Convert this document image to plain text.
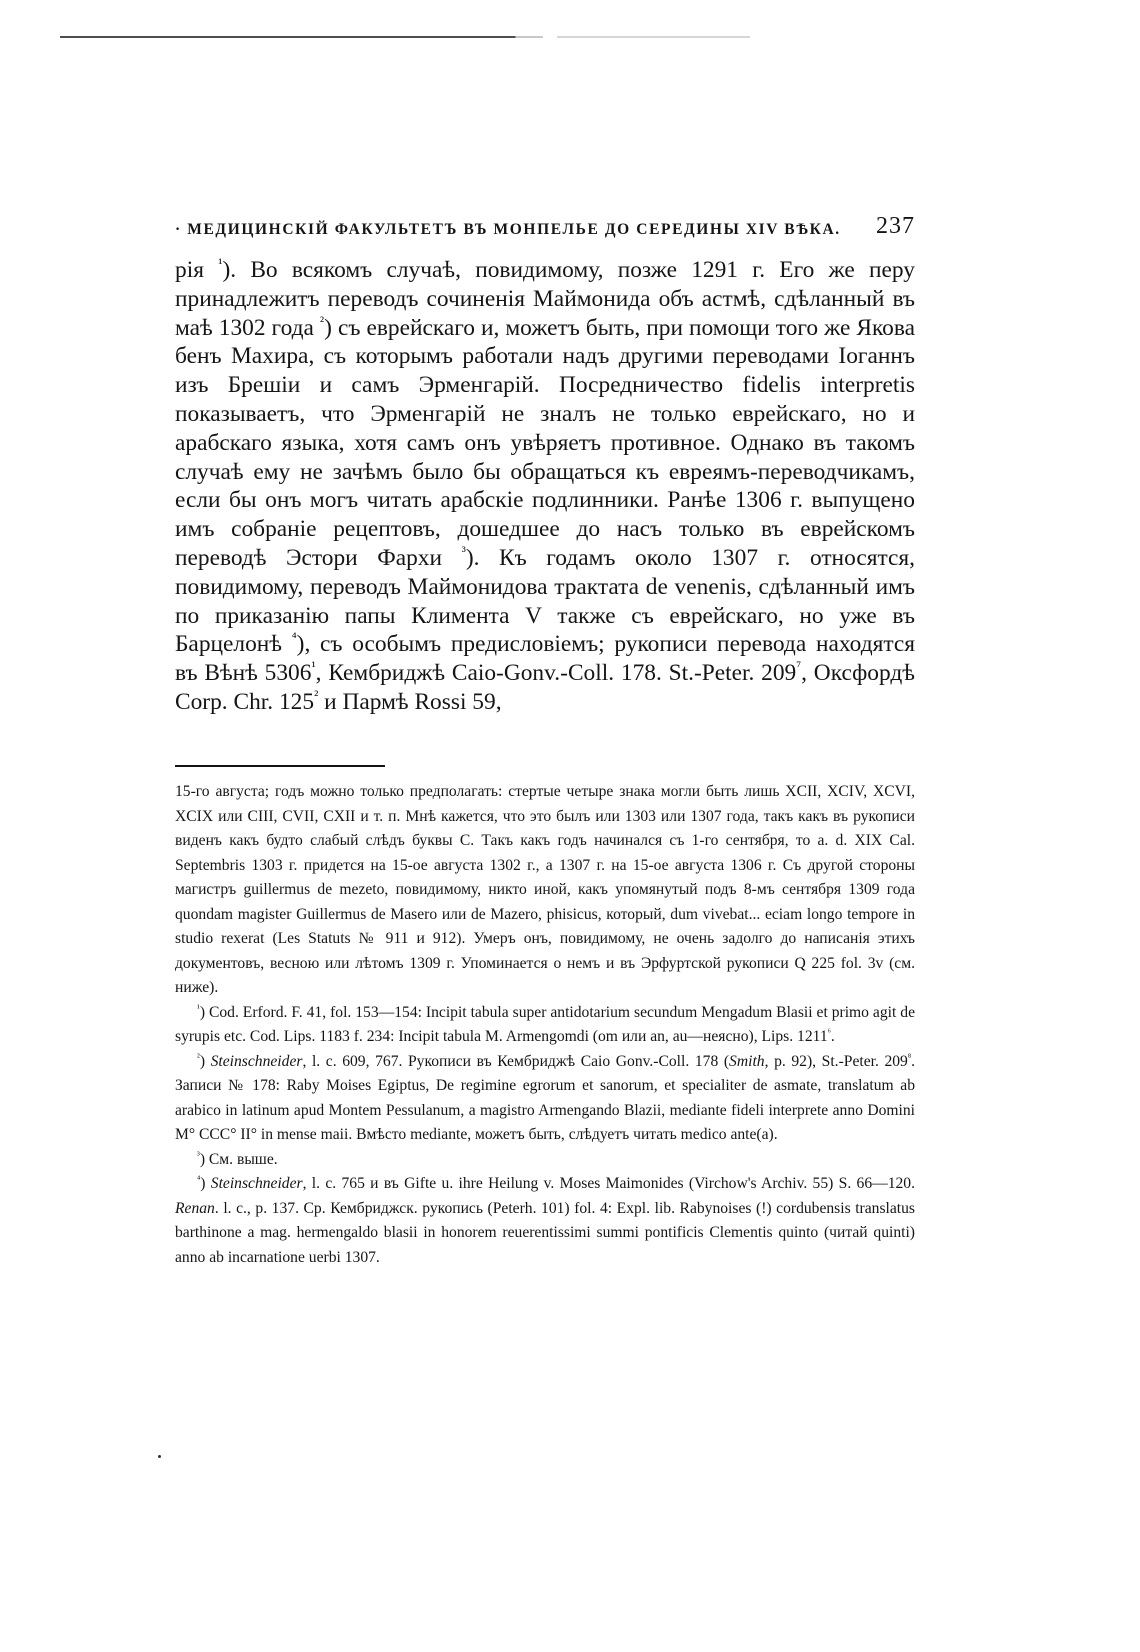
· МЕДИЦИНСКІЙ ФАКУЛЬТЕТЪ ВЪ МОНПЕЛЬЕ ДО СЕРЕДИНЫ XIV ВѢКА. 237

рія $^{^1}$). Во всякомъ случаѣ, повидимому, позже 1291 г. Его же перу принадлежитъ переводъ сочиненія Маймонида объ астмѣ, сдѣланный въ маѣ 1302 года $^{^2}$) съ еврейскаго и, можетъ быть, при помощи того же Якова бенъ Махира, съ которымъ работали надъ другими переводами Іоганнъ изъ Брешіи и самъ Эрменгарій. Посредничество fidelis interpretis показываетъ, что Эрменгарій не зналъ не только еврейскаго, но и арабскаго языка, хотя самъ онъ увѣряетъ противное. Однако въ такомъ случаѣ ему не зачѣмъ было бы обращаться къ евреямъ-переводчикамъ, если бы онъ могъ читать арабскіе подлинники. Ранѣе 1306 г. выпущено имъ собраніе рецептовъ, дошедшее до насъ только въ еврейскомъ переводѣ Эстори Фархи $^{^3}$). Къ годамъ около 1307 г. относятся, повидимому, переводъ Маймонидова трактата de venenis, сдѣланный имъ по приказанію папы Климента V также съ еврейскаго, но уже въ Барцелонѣ $^{^4}$), съ особымъ предисловіемъ; рукописи перевода находятся въ Вѣнѣ $5306^{^1}$, Кембриджѣ Caio-Gonv.-Coll. 178. St.-Peter. $209^{^7}$, Оксфордѣ Corp. Chr. $125^{^2}$ и Пармѣ Rossi 59,

15-го августа; годъ можно только предполагать: стертые четыре знака могли быть лишь XCII, XCIV, XCVI, XCIX или CIII, CVII, CXII и т. п. Мнѣ кажется, что это былъ или 1303 или 1307 года, такъ какъ въ рукописи виденъ какъ будто слабый слѣдъ буквы C. Такъ какъ годъ начинался съ 1-го сентября, то a. d. XIX Cal. Septembris 1303 г. придется на 15-ое августа 1302 г., а 1307 г. на 15-ое августа 1306 г. Съ другой стороны магистръ guillermus de mezeto, повидимому, никто иной, какъ упомянутый подъ 8-мъ сентября 1309 года quondam magister Guillermus de Masero или de Mazero, phisicus, который, dum vivebat... eciam longo tempore in studio rexerat (Les Statuts № 911 и 912). Умеръ онъ, повидимому, не очень задолго до написанія этихъ документовъ, весною или лѣтомъ 1309 г. Упоминается о немъ и въ Эрфуртской рукописи Q 225 fol. 3v (см. ниже).

$^{^1}$) Cod. Erford. F. 41, fol. 153—154: Incipit tabula super antidotarium secundum Mengadum Blasii et primo agit de syrupis etc. Cod. Lips. 1183 f. 234: Incipit tabula M. Armengomdi (om или an, au—неясно), Lips. $1211^{^6}$.

$^{^2}$) Steinschneider, l. c. 609, 767. Рукописи въ Кембриджѣ Caio Gonv.-Coll. 178 (Smith, p. 92), St.-Peter. $209^{^8}$. Записи № 178: Raby Moises Egiptus, De regimine egrorum et sanorum, et specialiter de asmate, translatum ab arabico in latinum apud Montem Pessulanum, a magistro Armengando Blazii, mediante fideli interprete anno Domini M° CCC° II° in mense maii. Вмѣсто mediante, можетъ быть, слѣдуетъ читать medico ante(a).

$^{^3}$) См. выше.

$^{^4}$) Steinschneider, l. c. 765 и въ Gifte u. ihre Heilung v. Moses Maimonides (Virchow's Archiv. 55) S. 66—120. Renan. l. c., p. 137. Ср. Кембриджск. рукопись (Peterh. 101) fol. 4: Expl. lib. Rabynoises (!) cordubensis translatus barthinone a mag. hermengaldo blasii in honorem reuerentissimi summi pontificis Clementis quinto (читай quinti) anno ab incarnatione uerbi 1307.
